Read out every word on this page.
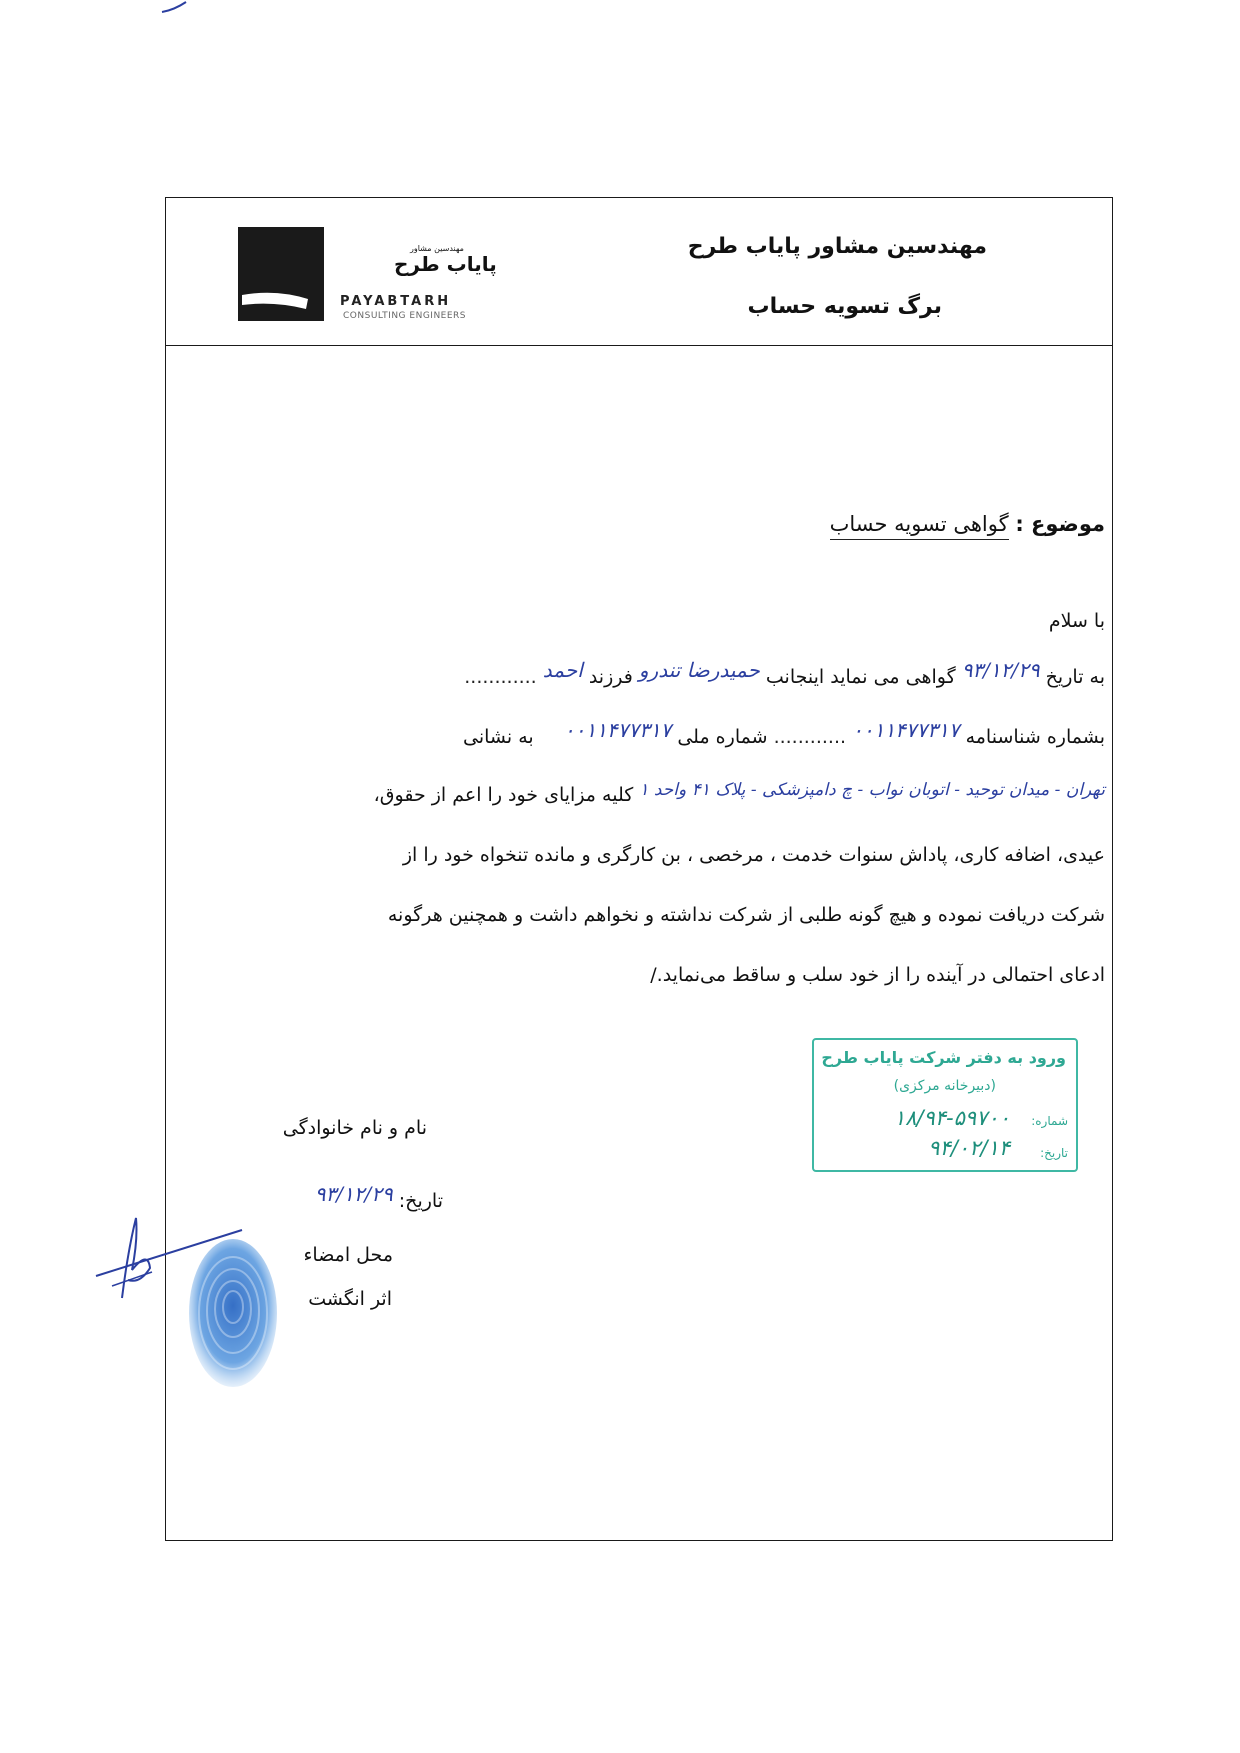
مهندسین مشاور پایاب طرح
برگ تسویه حساب
مهندسین مشاور
پایاب طرح
PAYABTARH
CONSULTING ENGINEERS
موضوع : گواهی تسویه حساب
با سلام
به تاریخ ۹۳/۱۲/۲۹ گواهی می نماید اینجانب حمیدرضا تندرو فرزند احمد ............
بشماره شناسنامه ۰۰۱۱۴۷۷۳۱۷ ............ شماره ملی ۰۰۱۱۴۷۷۳۱۷     به نشانی
تهران - میدان توحید - اتوبان نواب - چ دامپزشکی - پلاک ۴۱ واحد ۱ کلیه مزایای خود را اعم از حقوق،
عیدی، اضافه کاری، پاداش سنوات خدمت ، مرخصی ، بن کارگری و مانده تنخواه خود را از
شرکت دریافت نموده و هیچ گونه طلبی از شرکت نداشته و نخواهم داشت و همچنین هرگونه
ادعای احتمالی در آینده را از خود سلب و ساقط می‌نماید./
ورود به دفتر شرکت پایاب طرح
(دبیرخانه مرکزی)
شماره:
۱۸/۹۴-۵۹۷۰۰
تاریخ:
۹۴/۰۲/۱۴
نام و نام خانوادگی
تاریخ: ۹۳/۱۲/۲۹
محل امضاء
اثر انگشت
